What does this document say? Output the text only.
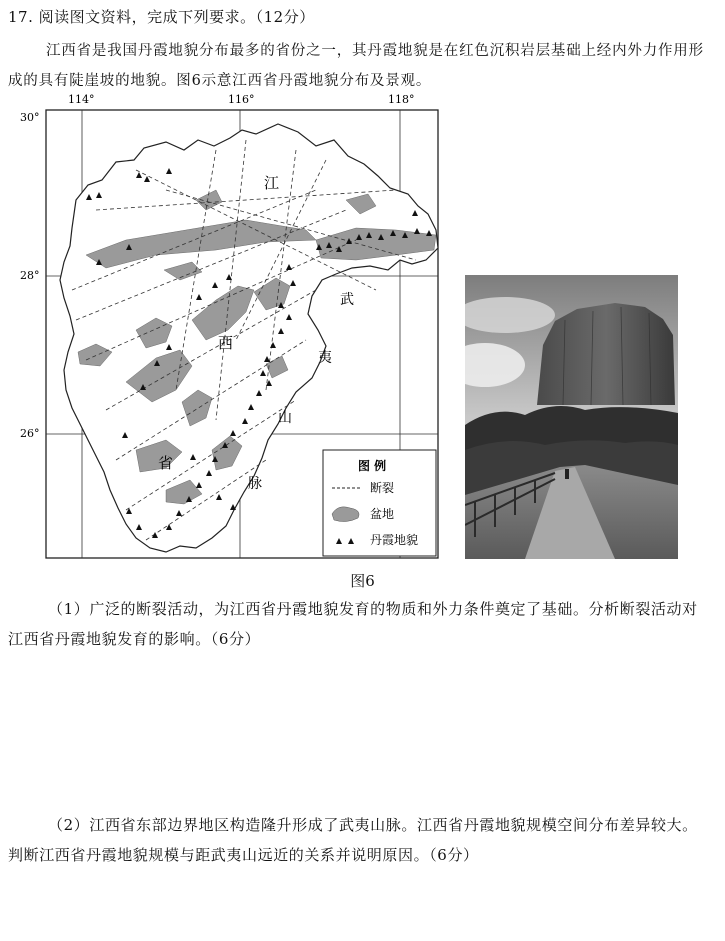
17. 阅读图文资料，完成下列要求。（12分）
江西省是我国丹霞地貌分布最多的省份之一，其丹霞地貌是在红色沉积岩层基础上经内外力作用形成的具有陡崖坡的地貌。图6示意江西省丹霞地貌分布及景观。
114°	116°	118°
30°
28°
26°
江
西
省
武
夷
山
脉
图 例
断裂
盆地
丹霞地貌
图6
（1）广泛的断裂活动，为江西省丹霞地貌发育的物质和外力条件奠定了基础。分析断裂活动对江西省丹霞地貌发育的影响。（6分）
（2）江西省东部边界地区构造隆升形成了武夷山脉。江西省丹霞地貌规模空间分布差异较大。判断江西省丹霞地貌规模与距武夷山远近的关系并说明原因。（6分）
